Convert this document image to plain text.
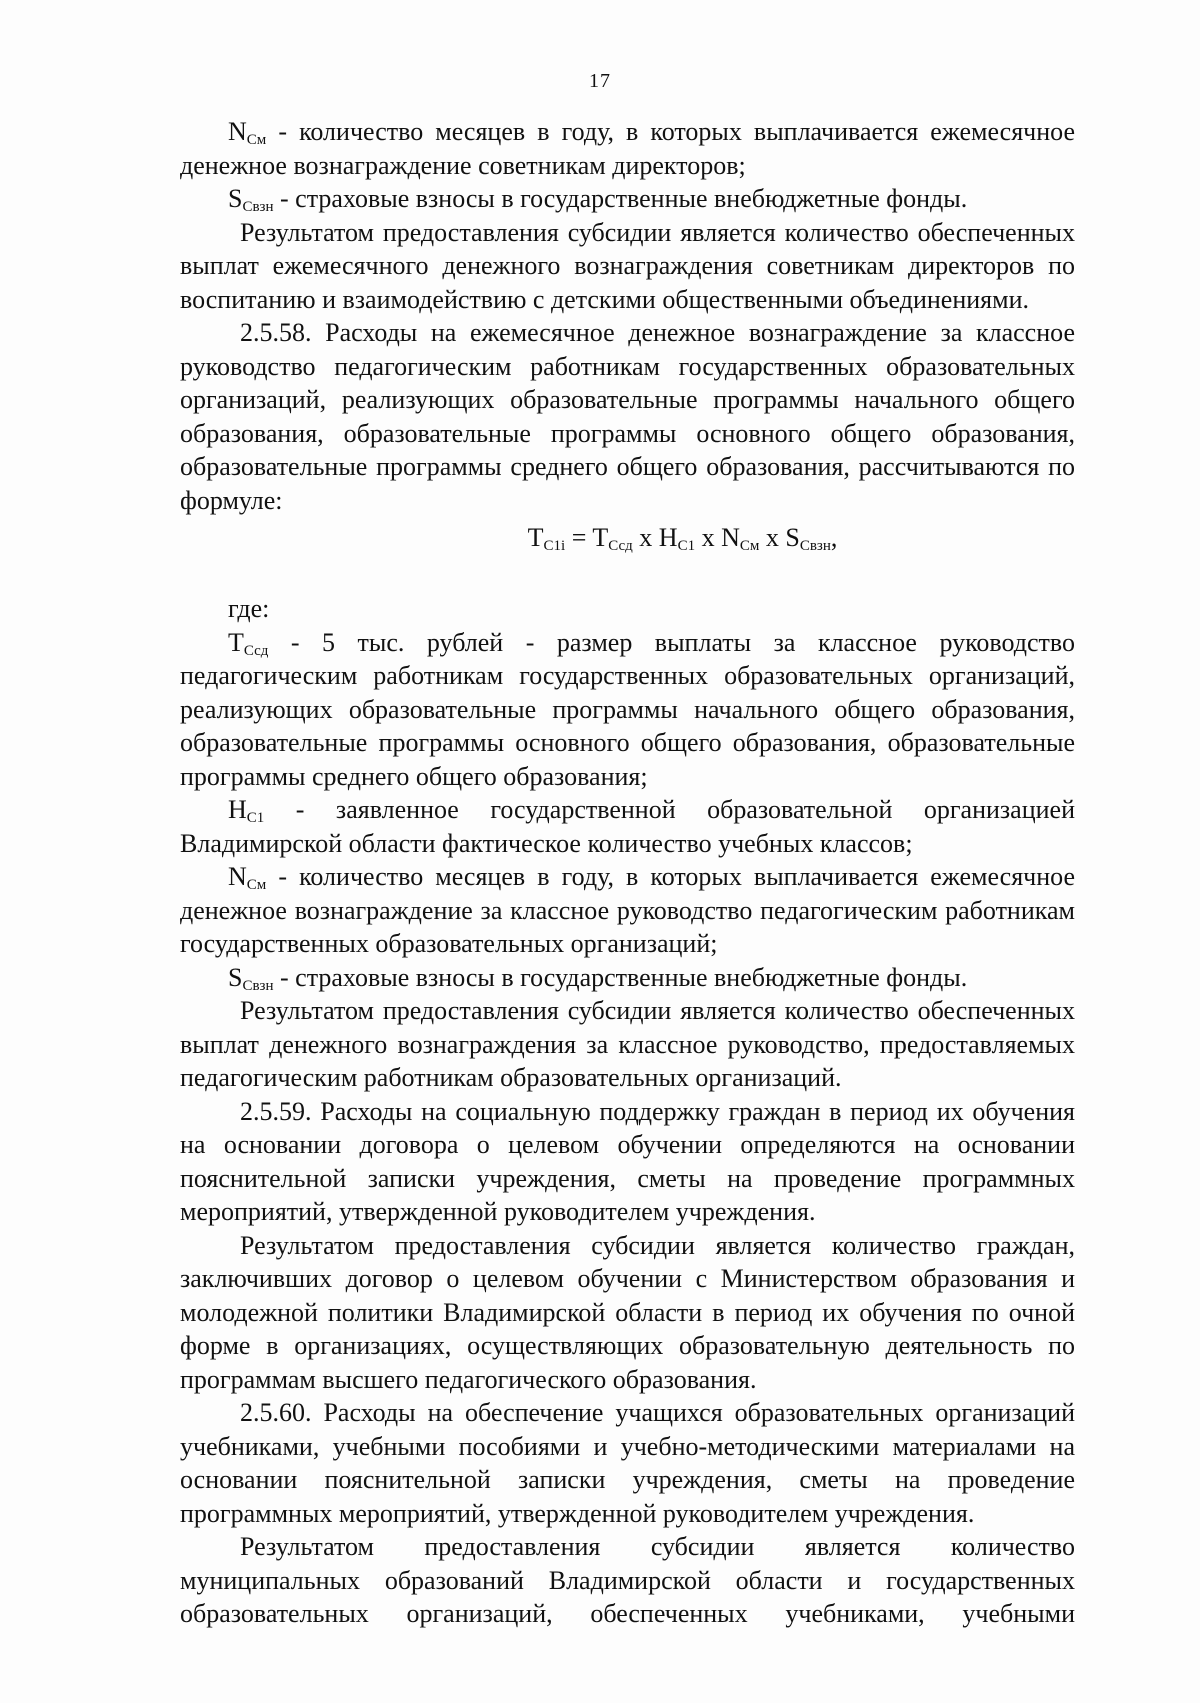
17

$N_{См}$ - количество месяцев в году, в которых выплачивается ежемесячное денежное вознаграждение советникам директоров;

$S_{Свзн}$ - страховые взносы в государственные внебюджетные фонды.

Результатом предоставления субсидии является количество обеспеченных выплат ежемесячного денежного вознаграждения советникам директоров по воспитанию и взаимодействию с детскими общественными объединениями.

2.5.58. Расходы на ежемесячное денежное вознаграждение за классное руководство педагогическим работникам государственных образовательных организаций, реализующих образовательные программы начального общего образования, образовательные программы основного общего образования, образовательные программы среднего общего образования, рассчитываются по формуле:

$T_{C1i} = T_{Ссд}$ x $H_{C1}$ x $N_{См}$ x $S_{Свзн}$,

где:

$T_{Ссд} - 5$ тыс. рублей - размер выплаты за классное руководство педагогическим работникам государственных образовательных организаций, реализующих образовательные программы начального общего образования, образовательные программы основного общего образования, образовательные программы среднего общего образования;

$H_{C1}$ - заявленное государственной образовательной организацией Владимирской области фактическое количество учебных классов;

$N_{См}$ - количество месяцев в году, в которых выплачивается ежемесячное денежное вознаграждение за классное руководство педагогическим работникам государственных образовательных организаций;

$S_{Свзн}$ - страховые взносы в государственные внебюджетные фонды.

Результатом предоставления субсидии является количество обеспеченных выплат денежного вознаграждения за классное руководство, предоставляемых педагогическим работникам образовательных организаций.

2.5.59. Расходы на социальную поддержку граждан в период их обучения на основании договора о целевом обучении определяются на основании пояснительной записки учреждения, сметы на проведение программных мероприятий, утвержденной руководителем учреждения.

Результатом предоставления субсидии является количество граждан, заключивших договор о целевом обучении с Министерством образования и молодежной политики Владимирской области в период их обучения по очной форме в организациях, осуществляющих образовательную деятельность по программам высшего педагогического образования.

2.5.60. Расходы на обеспечение учащихся образовательных организаций учебниками, учебными пособиями и учебно-методическими материалами на основании пояснительной записки учреждения, сметы на проведение программных мероприятий, утвержденной руководителем учреждения.

Результатом предоставления субсидии является количество муниципальных образований Владимирской области и государственных образовательных организаций, обеспеченных учебниками, учебными
